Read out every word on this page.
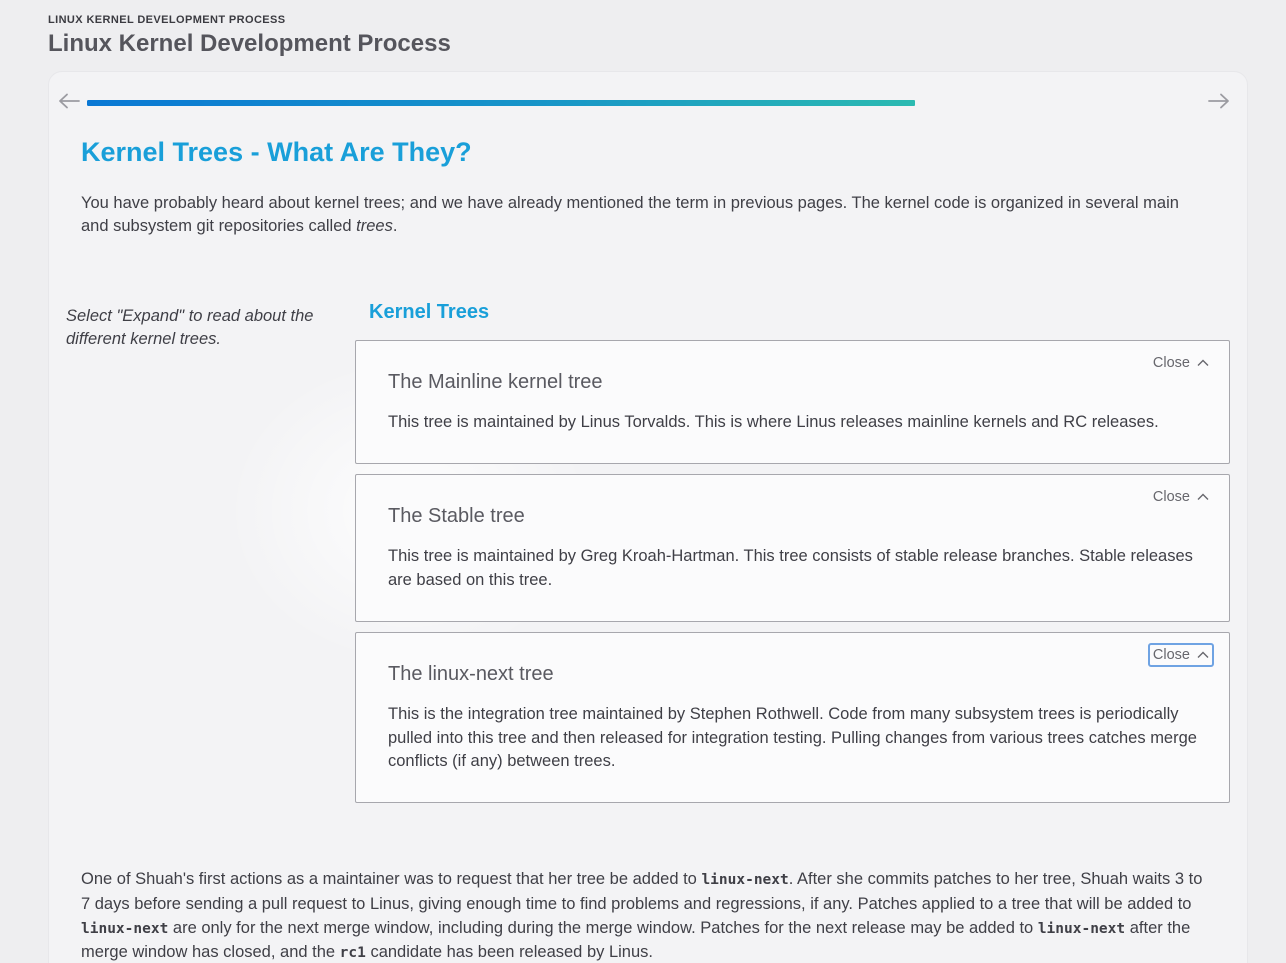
LINUX KERNEL DEVELOPMENT PROCESS
Linux Kernel Development Process
Kernel Trees - What Are They?

You have probably heard about kernel trees; and we have already mentioned the term in previous pages. The kernel code is organized in several main and subsystem git repositories called trees.

Select "Expand" to read about the different kernel trees.

Kernel Trees
Close
The Mainline kernel tree

This tree is maintained by Linus Torvalds. This is where Linus releases mainline kernels and RC releases.

Close
The Stable tree

This tree is maintained by Greg Kroah-Hartman. This tree consists of stable release branches. Stable releases are based on this tree.

Close
The linux-next tree

This is the integration tree maintained by Stephen Rothwell. Code from many subsystem trees is periodically pulled into this tree and then released for integration testing. Pulling changes from various trees catches merge conflicts (if any) between trees.

One of Shuah's first actions as a maintainer was to request that her tree be added to linux-next. After she commits patches to her tree, Shuah waits 3 to 7 days before sending a pull request to Linus, giving enough time to find problems and regressions, if any. Patches applied to a tree that will be added to linux-next are only for the next merge window, including during the merge window. Patches for the next release may be added to linux-next after the merge window has closed, and the rc1 candidate has been released by Linus.
